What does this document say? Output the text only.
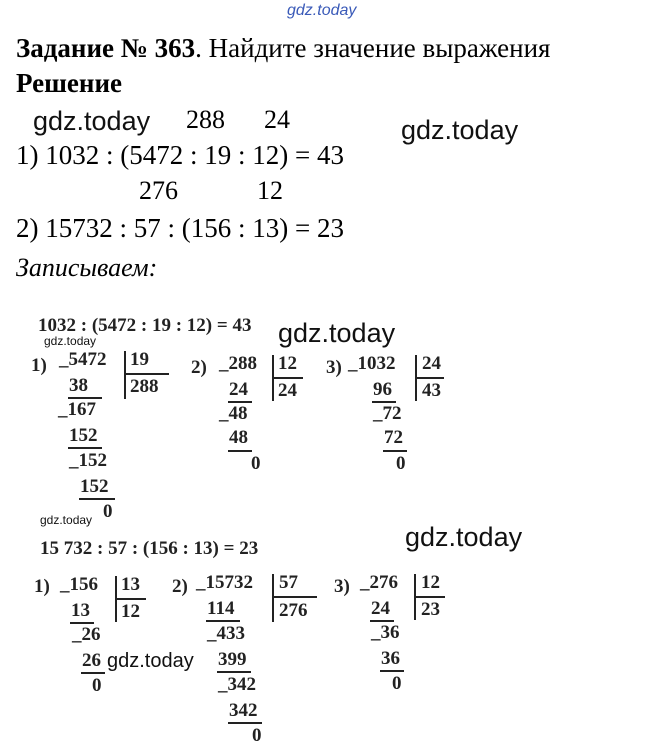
gdz.today
gdz.today	gdz.today
gdz.today
gdz.today
gdz.today
gdz.today
gdz.today
Задание № 363. Найдите значение выражения
Решение
288 24
1) 1032 : (5472 : 19 : 12) = 43
276	12
2) 15732 : 57 : (156 : 13) = 23
Записываем:
1032 : (5472 : 19 : 12) = 43
1) _5472 19
288
38
_167
152
_152
152
0
2) _288 12
24
24
_48
48
0
3) _1032 24
43
96
_72
72
0
15 732 : 57 : (156 : 13) = 23
1) _156 13
12
13
_26
26
0
2) _15732 57
276
114
_433
399
_342
342
0
3) _276 12
23
24
_36
36
0
